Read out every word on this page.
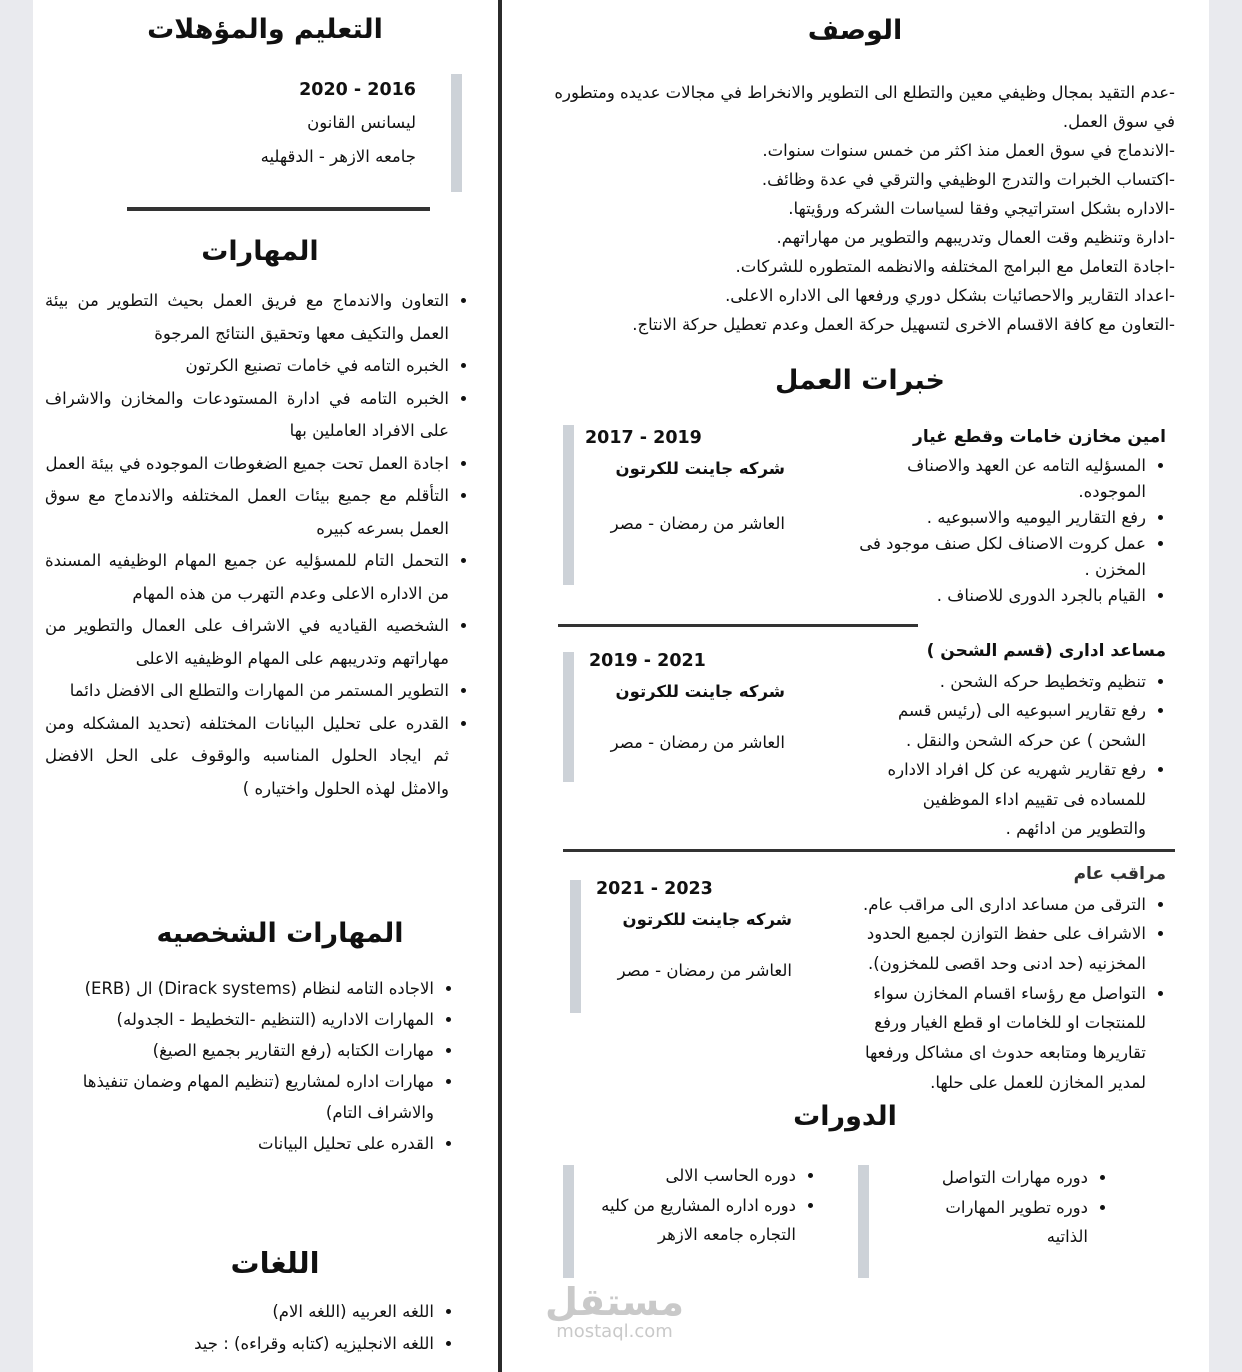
التعليم والمؤهلات
2016 - 2020
ليسانس القانون
جامعه الازهر - الدقهليه
المهارات
• التعاون والاندماج مع فريق العمل بحيث التطوير من بيئة العمل والتكيف معها وتحقيق النتائج المرجوة
• الخبره التامه في خامات تصنيع الكرتون
• الخبره التامه في ادارة المستودعات والمخازن والاشراف على الافراد العاملين بها
• اجادة العمل تحت جميع الضغوطات الموجوده في بيئة العمل
• التأقلم مع جميع بيئات العمل المختلفه والاندماج مع سوق العمل بسرعه كبيره
• التحمل التام للمسؤليه عن جميع المهام الوظيفيه المسندة من الاداره الاعلى وعدم التهرب من هذه المهام
• الشخصيه القياديه في الاشراف على العمال والتطوير من مهاراتهم وتدريبهم على المهام الوظيفيه الاعلى
• التطوير المستمر من المهارات والتطلع الى الافضل دائما
• القدره على تحليل البيانات المختلفه (تحديد المشكله ومن ثم ايجاد الحلول المناسبه والوقوف على الحل الافضل والامثل لهذه الحلول واختياره )
المهارات الشخصيه
• الاجاده التامه لنظام (Dirack systems) ال (ERB)
• المهارات الاداريه (التنظيم -التخطيط - الجدوله)
• مهارات الكتابه (رفع التقارير بجميع الصيغ)
• مهارات اداره لمشاريع (تنظيم المهام وضمان تنفيذها والاشراف التام)
• القدره على تحليل البيانات
اللغات
• اللغه العربيه (اللغه الام)
• اللغه الانجليزيه (كتابه وقراءه) : جيد
الوصف

-عدم التقيد بمجال وظيفي معين والتطلع الى التطوير والانخراط في مجالات عديده ومتطوره في سوق العمل.

-الاندماج في سوق العمل منذ اكثر من خمس سنوات سنوات.

-اكتساب الخبرات والتدرج الوظيفي والترقي في عدة وظائف.

-الاداره بشكل استراتيجي وفقا لسياسات الشركه ورؤيتها.

-ادارة وتنظيم وقت العمال وتدريبهم والتطوير من مهاراتهم.

-اجادة التعامل مع البرامج المختلفه والانظمه المتطوره للشركات.

-اعداد التقارير والاحصائيات بشكل دوري ورفعها الى الاداره الاعلى.

-التعاون مع كافة الاقسام الاخرى لتسهيل حركة العمل وعدم تعطيل حركة الانتاج.

خبرات العمل
امين مخازن خامات وقطع غيار
• المسؤليه التامه عن العهد والاصناف الموجوده.
• رفع التقارير اليوميه والاسبوعيه .
• عمل كروت الاصناف لكل صنف موجود فى المخزن .
• القيام بالجرد الدورى للاصناف .
2017 - 2019
شركه جاينت للكرتون
العاشر من رمضان - مصر
مساعد ادارى (قسم الشحن )
• تنظيم وتخطيط حركه الشحن .
• رفع تقارير اسبوعيه الى (رئيس قسم الشحن ) عن حركه الشحن والنقل .
• رفع تقارير شهريه عن كل افراد الاداره للمساده فى تقييم اداء الموظفين والتطوير من ادائهم .
2019 - 2021
شركه جاينت للكرتون
العاشر من رمضان - مصر
مراقب عام
• الترقى من مساعد ادارى الى مراقب عام.
• الاشراف على حفظ التوازن لجميع الحدود المخزنيه (حد ادنى وحد اقصى للمخزون).
• التواصل مع رؤساء اقسام المخازن سواء للمنتجات او للخامات او قطع الغيار ورفع تقاريرها ومتابعه حدوث اى مشاكل ورفعها لمدير المخازن للعمل على حلها.
2021 - 2023
شركه جاينت للكرتون
العاشر من رمضان - مصر
الدورات
• دوره مهارات التواصل
• دوره تطوير المهارات الذاتيه
• دوره الحاسب الالى
• دوره اداره المشاريع من كليه التجاره جامعه الازهر
مستقل
mostaql.com
